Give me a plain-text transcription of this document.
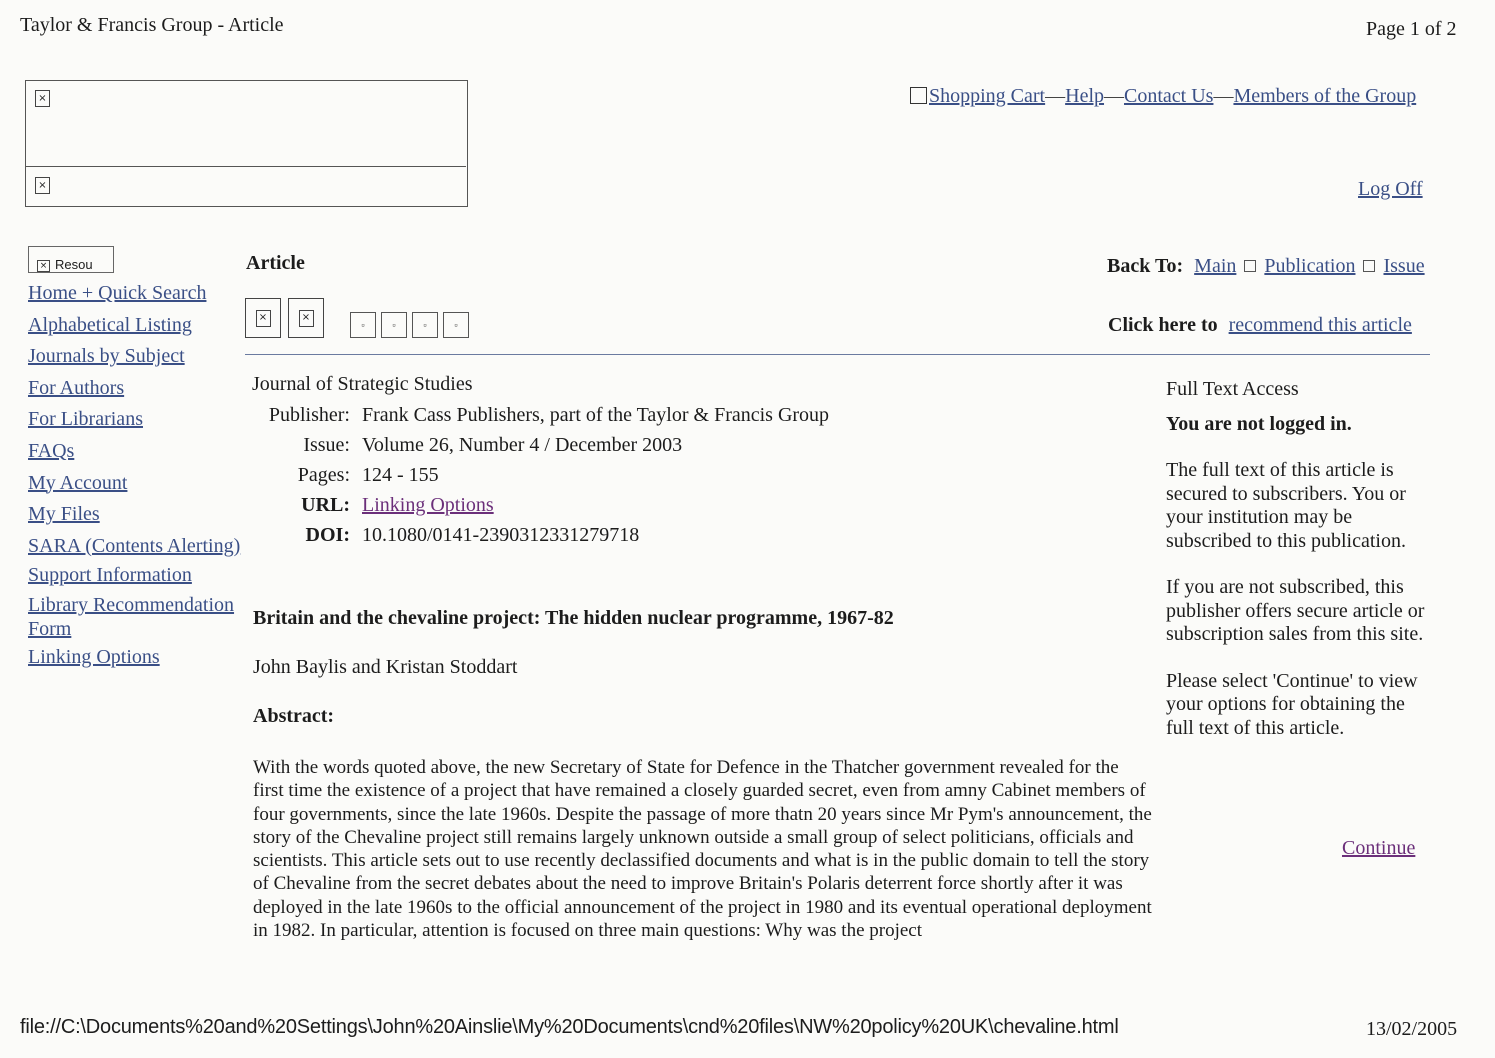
Taylor & Francis Group - Article	Page 1 of 2
×
×
Shopping Cart—Help—Contact Us—Members of the Group
Log Off
× Resou
Home + Quick Search
Alphabetical Listing
Journals by Subject
For Authors
For Librarians
FAQs
My Account
My Files
SARA (Contents Alerting)
Support Information
Library Recommendation Form
Linking Options
Article	Back To: Main Publication Issue
×	×
▫	▫	▫	▫	Click here to recommend this article
Journal of Strategic Studies
Publisher:	Frank Cass Publishers, part of the Taylor & Francis Group
Issue:	Volume 26, Number 4 / December 2003
Pages:	124 - 155
URL:	Linking Options
DOI:	10.1080/0141-2390312331279718
Britain and the chevaline project: The hidden nuclear programme, 1967-82
John Baylis and Kristan Stoddart
Abstract:
With the words quoted above, the new Secretary of State for Defence in the Thatcher government revealed for the first time the existence of a project that have remained a closely guarded secret, even from amny Cabinet members of four governments, since the late 1960s. Despite the passage of more thatn 20 years since Mr Pym's announcement, the story of the Chevaline project still remains largely unknown outside a small group of select politicians, officials and scientists. This article sets out to use recently declassified documents and what is in the public domain to tell the story of Chevaline from the secret debates about the need to improve Britain's Polaris deterrent force shortly after it was deployed in the late 1960s to the official announcement of the project in 1980 and its eventual operational deployment in 1982. In particular, attention is focused on three main questions: Why was the project

Full Text Access

You are not logged in.

The full text of this article is secured to subscribers. You or your institution may be subscribed to this publication.

If you are not subscribed, this publisher offers secure article or subscription sales from this site.

Please select 'Continue' to view your options for obtaining the full text of this article.

Continue
file://C:\Documents%20and%20Settings\John%20Ainslie\My%20Documents\cnd%20files\NW%20policy%20UK\chevaline.html	13/02/2005
